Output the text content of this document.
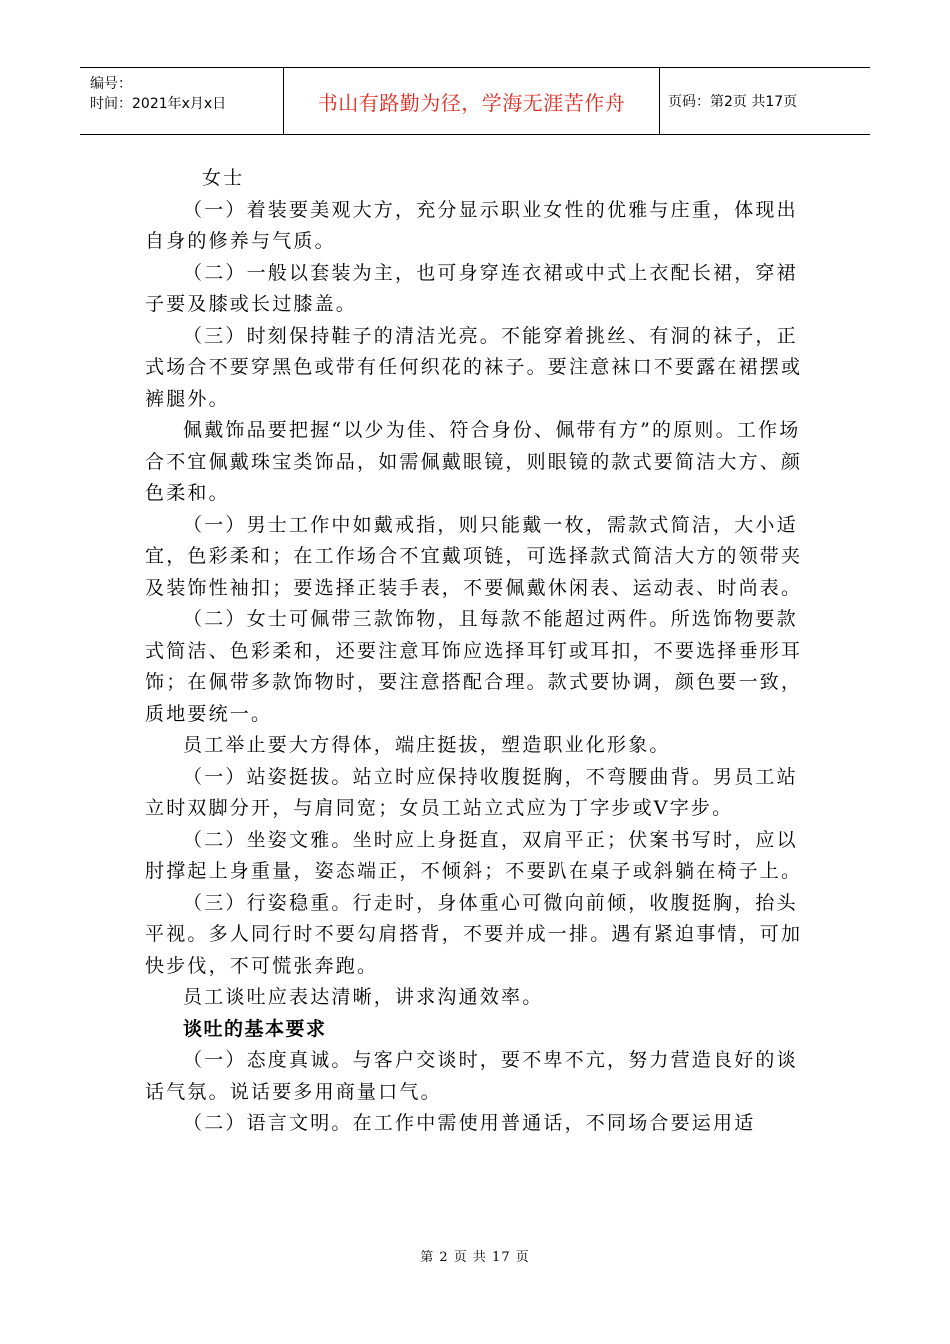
编号：
时间：2021年x月x日	书山有路勤为径，学海无涯苦作舟	页码：第2页 共17页

女士

（一）着装要美观大方，充分显示职业女性的优雅与庄重，体现出自身的修养与气质。

（二）一般以套装为主，也可身穿连衣裙或中式上衣配长裙，穿裙子要及膝或长过膝盖。

（三）时刻保持鞋子的清洁光亮。不能穿着挑丝、有洞的袜子，正式场合不要穿黑色或带有任何织花的袜子。要注意袜口不要露在裙摆或裤腿外。

佩戴饰品要把握“以少为佳、符合身份、佩带有方”的原则。工作场合不宜佩戴珠宝类饰品，如需佩戴眼镜，则眼镜的款式要简洁大方、颜色柔和。

（一）男士工作中如戴戒指，则只能戴一枚，需款式简洁，大小适宜，色彩柔和；在工作场合不宜戴项链，可选择款式简洁大方的领带夹及装饰性袖扣；要选择正装手表，不要佩戴休闲表、运动表、时尚表。

（二）女士可佩带三款饰物，且每款不能超过两件。所选饰物要款式简洁、色彩柔和，还要注意耳饰应选择耳钉或耳扣，不要选择垂形耳饰；在佩带多款饰物时，要注意搭配合理。款式要协调，颜色要一致，质地要统一。

员工举止要大方得体，端庄挺拔，塑造职业化形象。

（一）站姿挺拔。站立时应保持收腹挺胸，不弯腰曲背。男员工站立时双脚分开，与肩同宽；女员工站立式应为丁字步或V字步。

（二）坐姿文雅。坐时应上身挺直，双肩平正；伏案书写时，应以肘撑起上身重量，姿态端正，不倾斜；不要趴在桌子或斜躺在椅子上。

（三）行姿稳重。行走时，身体重心可微向前倾，收腹挺胸，抬头平视。多人同行时不要勾肩搭背，不要并成一排。遇有紧迫事情，可加快步伐，不可慌张奔跑。

员工谈吐应表达清晰，讲求沟通效率。

谈吐的基本要求

（一）态度真诚。与客户交谈时，要不卑不亢，努力营造良好的谈话气氛。说话要多用商量口气。

（二）语言文明。在工作中需使用普通话，不同场合要运用适

第 2 页 共 17 页
